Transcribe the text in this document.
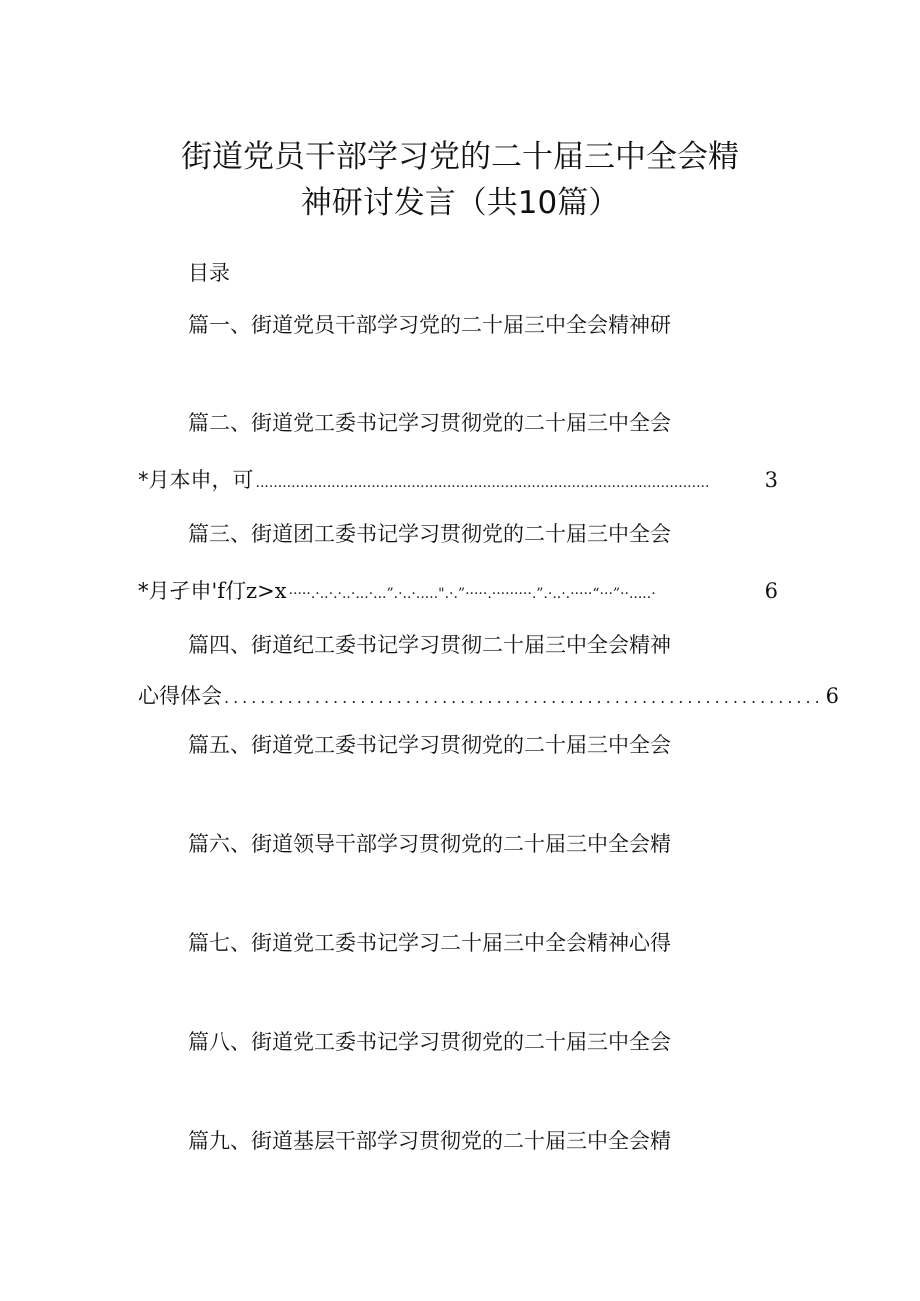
街道党员干部学习党的二十届三中全会精
神研讨发言（共10篇）
目录
篇一、街道党员干部学习党的二十届三中全会精神研
篇二、街道党工委书记学习贯彻党的二十届三中全会
*月本申，可 ......................................................................................................	3
篇三、街道团工委书记学习贯彻党的二十届三中全会
*月孑申'f仃z>x ·····.·..·.·..·...·...”.·..·.....".·.”·····.·········.”.·..·.·····“···”··.....·	6
篇四、街道纪工委书记学习贯彻二十届三中全会精神
心得体会 .................................................................. 6
篇五、街道党工委书记学习贯彻党的二十届三中全会
篇六、街道领导干部学习贯彻党的二十届三中全会精
篇七、街道党工委书记学习二十届三中全会精神心得
篇八、街道党工委书记学习贯彻党的二十届三中全会
篇九、街道基层干部学习贯彻党的二十届三中全会精
